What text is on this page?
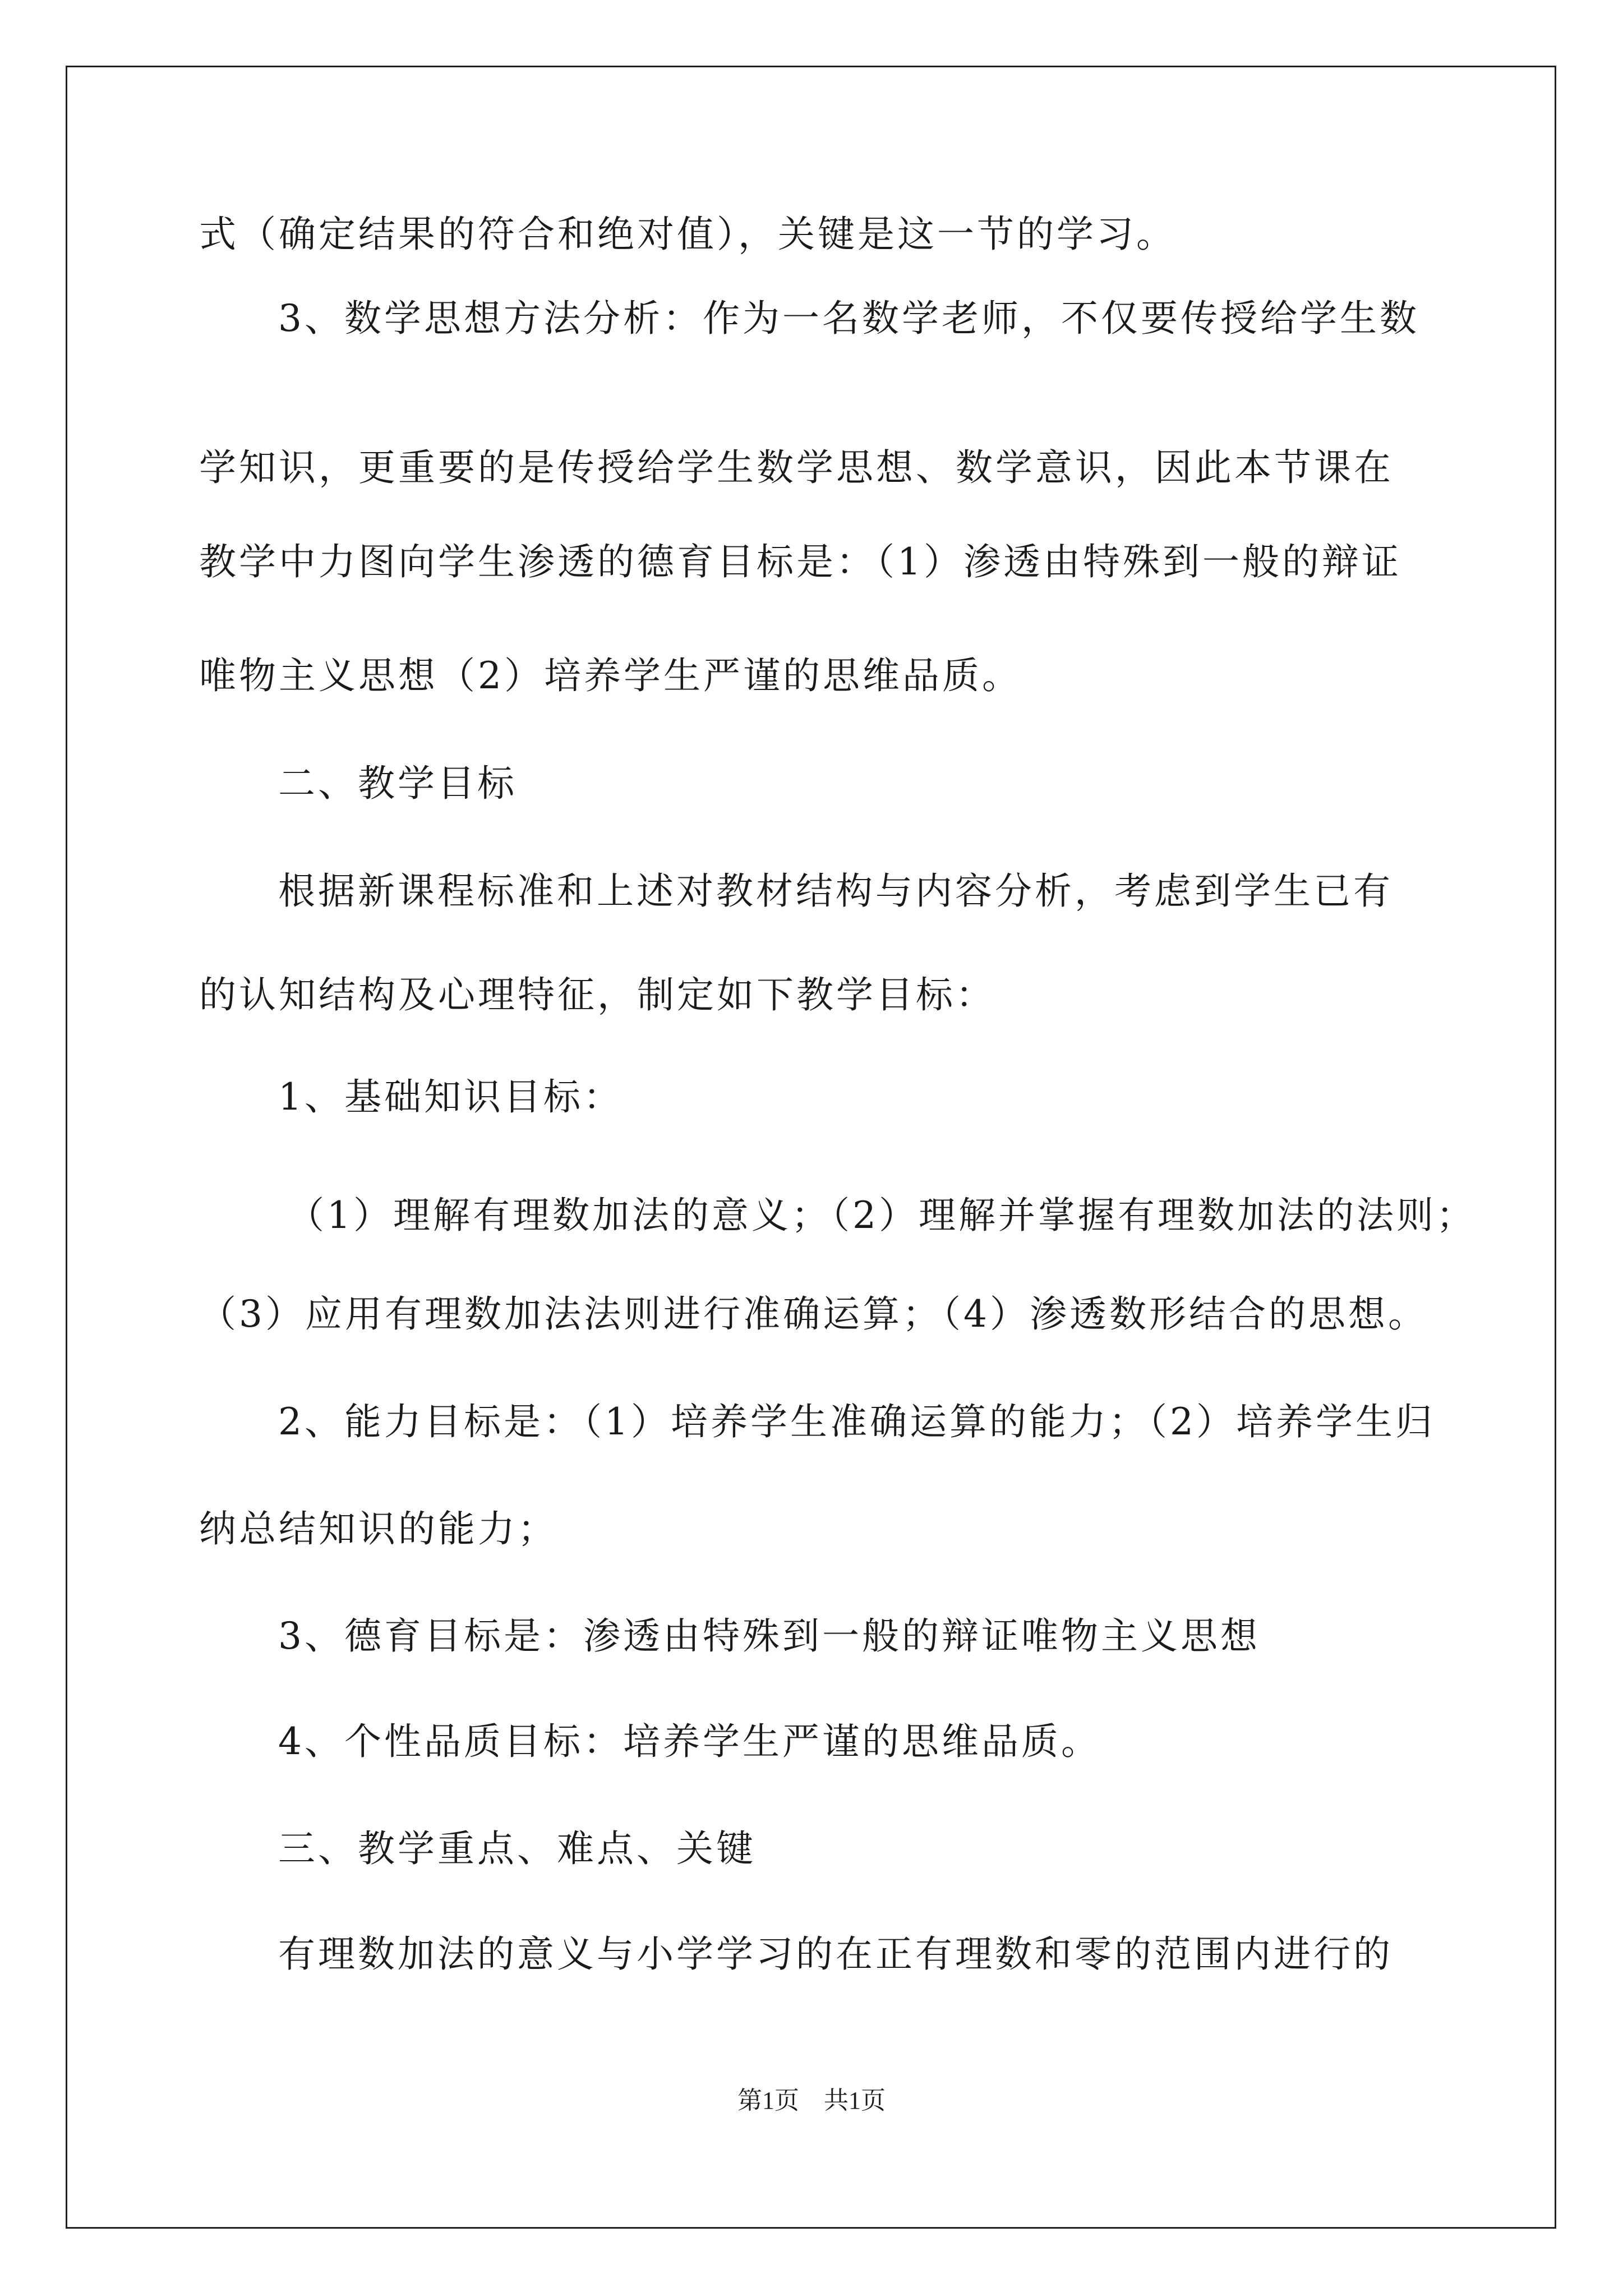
式（确定结果的符合和绝对值），关键是这一节的学习。
3、数学思想方法分析：作为一名数学老师，不仅要传授给学生数
学知识，更重要的是传授给学生数学思想、数学意识，因此本节课在
教学中力图向学生渗透的德育目标是：（1）渗透由特殊到一般的辩证
唯物主义思想（2）培养学生严谨的思维品质。
二、教学目标
根据新课程标准和上述对教材结构与内容分析，考虑到学生已有
的认知结构及心理特征，制定如下教学目标：
1、基础知识目标：
（1）理解有理数加法的意义；（2）理解并掌握有理数加法的法则；
（3）应用有理数加法法则进行准确运算；（4）渗透数形结合的思想。
2、能力目标是：（1）培养学生准确运算的能力；（2）培养学生归
纳总结知识的能力；
3、德育目标是：渗透由特殊到一般的辩证唯物主义思想
4、个性品质目标：培养学生严谨的思维品质。
三、教学重点、难点、关键
有理数加法的意义与小学学习的在正有理数和零的范围内进行的
第1页 共1页
